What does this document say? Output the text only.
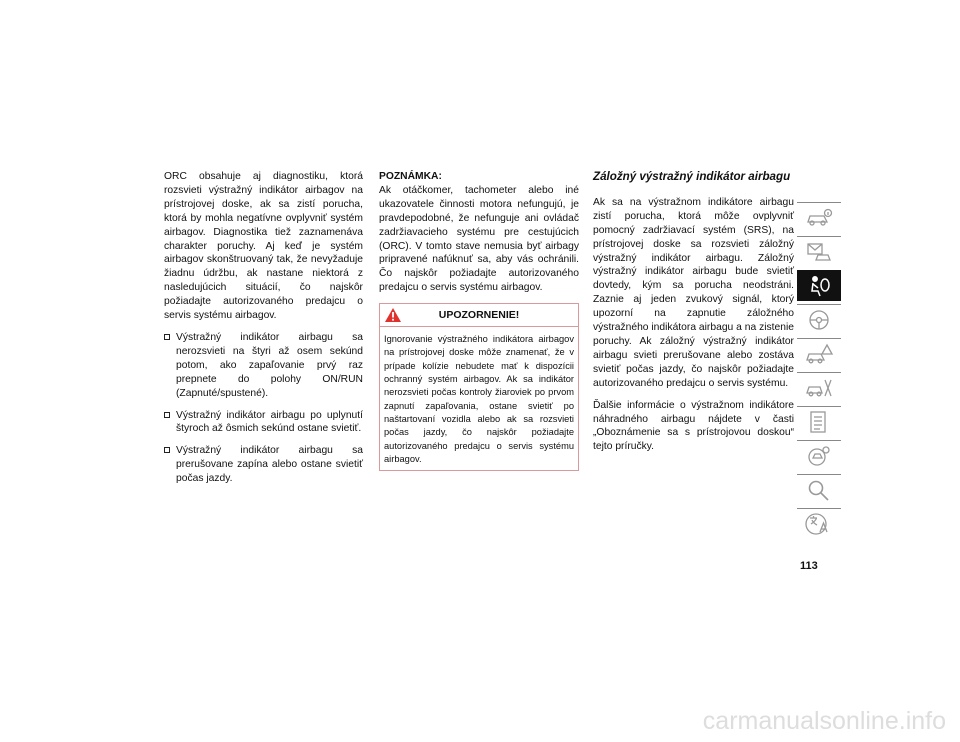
ORC obsahuje aj diagnostiku, ktorá rozsvieti výstražný indikátor airbagov na prístrojovej doske, ak sa zistí porucha, ktorá by mohla negatívne ovplyvniť systém airbagov. Diagnostika tiež zaznamenáva charakter poruchy. Aj keď je systém airbagov skonštruovaný tak, že nevyžaduje žiadnu údržbu, ak nastane niektorá z nasledujúcich situácií, čo najskôr požiadajte autorizovaného predajcu o servis systému airbagov.

Výstražný indikátor airbagu sa nerozsvieti na štyri až osem sekúnd potom, ako zapaľovanie prvý raz prepnete do polohy ON/RUN (Zapnuté/spustené).
Výstražný indikátor airbagu po uplynutí štyroch až ôsmich sekúnd ostane svietiť.
Výstražný indikátor airbagu sa prerušovane zapína alebo ostane svietiť počas jazdy.
POZNÁMKA:

Ak otáčkomer, tachometer alebo iné ukazovatele činnosti motora nefungujú, je pravdepodobné, že nefunguje ani ovládač zadržiavacieho systému pre cestujúcich (ORC). V tomto stave nemusia byť airbagy pripravené nafúknuť sa, aby vás ochránili. Čo najskôr požiadajte autorizovaného predajcu o servis systému airbagov.

UPOZORNENIE!
Ignorovanie výstražného indikátora airbagov na prístrojovej doske môže znamenať, že v prípade kolízie nebudete mať k dispozícii ochranný systém airbagov. Ak sa indikátor nerozsvieti počas kontroly žiaroviek po prvom zapnutí zapaľovania, ostane svietiť po naštartovaní vozidla alebo ak sa rozsvieti počas jazdy, čo najskôr požiadajte autorizovaného predajcu o servis systému airbagov.
Záložný výstražný indikátor airbagu

Ak sa na výstražnom indikátore airbagu zistí porucha, ktorá môže ovplyvniť pomocný zadržiavací systém (SRS), na prístrojovej doske sa rozsvieti záložný výstražný indikátor airbagu. Záložný výstražný indikátor airbagu bude svietiť dovtedy, kým sa porucha neodstráni. Zaznie aj jeden zvukový signál, ktorý upozorní na zapnutie záložného výstražného indikátora airbagu a na zistenie poruchy. Ak záložný výstražný indikátor airbagu svieti prerušovane alebo zostáva svietiť počas jazdy, čo najskôr požiadajte autorizovaného predajcu o servis systému.

Ďalšie informácie o výstražnom indikátore náhradného airbagu nájdete v časti „Oboznámenie sa s prístrojovou doskou“ tejto príručky.

113
carmanualsonline.info
